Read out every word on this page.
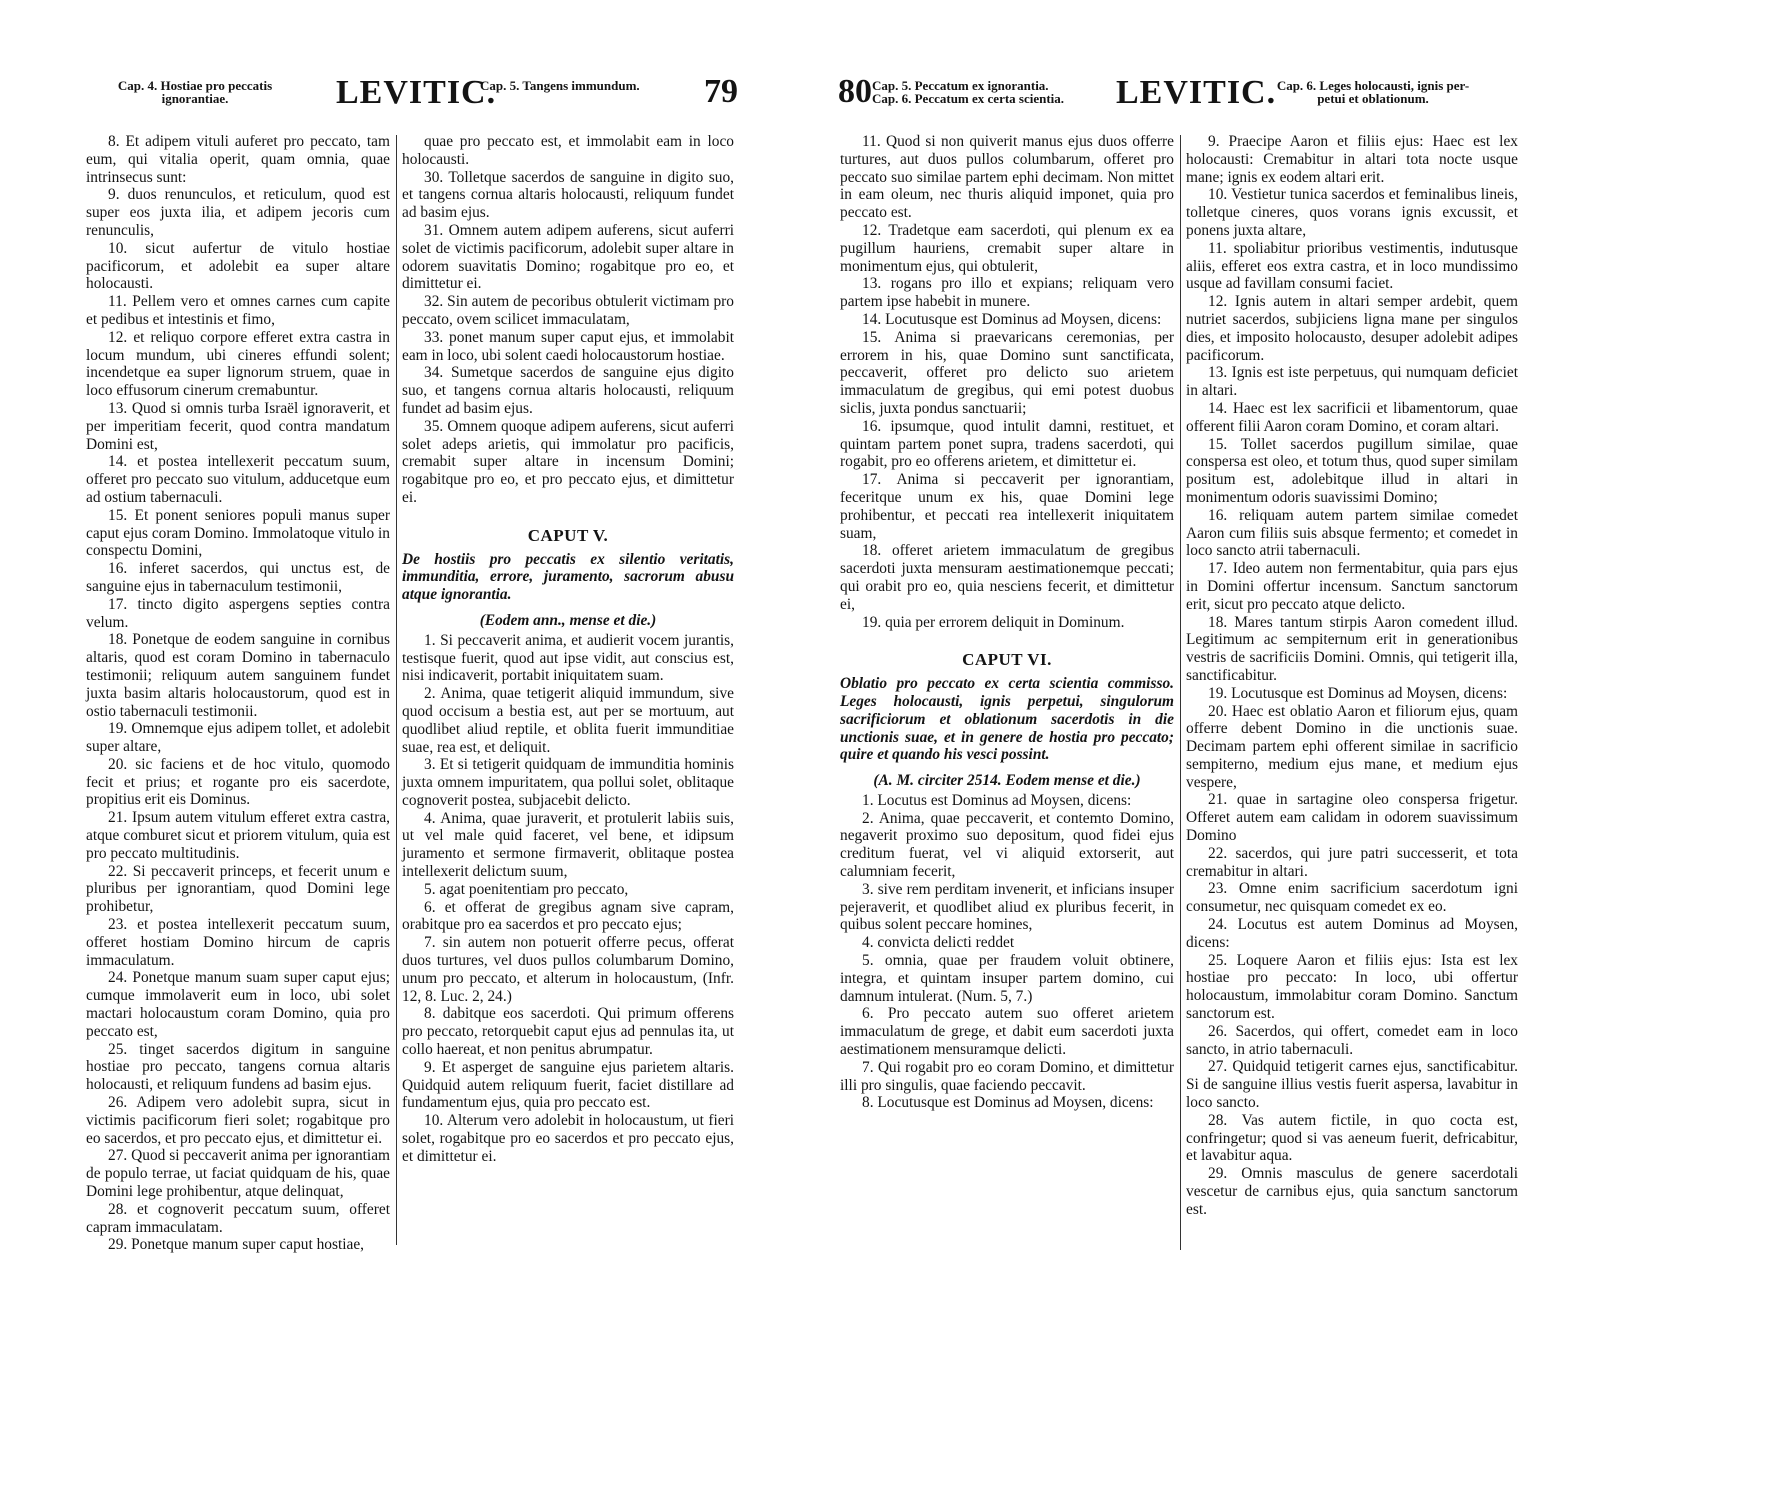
Cap. 4. Hostiae pro peccatis
ignorantiae.	LEVITIC.
Cap. 5. Tangens immundum. 79

8. Et adipem vituli auferet pro peccato, tam eum, qui vitalia operit, quam omnia, quae intrinsecus sunt:

9. duos renunculos, et reticulum, quod est super eos juxta ilia, et adipem jecoris cum renunculis,

10. sicut aufertur de vitulo hostiae pacificorum, et adolebit ea super altare holocausti.

11. Pellem vero et omnes carnes cum capite et pedibus et intestinis et fimo,

12. et reliquo corpore efferet extra castra in locum mundum, ubi cineres effundi solent; incendetque ea super lignorum struem, quae in loco effusorum cinerum cremabuntur.

13. Quod si omnis turba Israël ignoraverit, et per imperitiam fecerit, quod contra mandatum Domini est,

14. et postea intellexerit peccatum suum, offeret pro peccato suo vitulum, adducetque eum ad ostium tabernaculi.

15. Et ponent seniores populi manus super caput ejus coram Domino. Immolatoque vitulo in conspectu Domini,

16. inferet sacerdos, qui unctus est, de sanguine ejus in tabernaculum testimonii,

17. tincto digito aspergens septies contra velum.

18. Ponetque de eodem sanguine in cornibus altaris, quod est coram Domino in tabernaculo testimonii; reliquum autem sanguinem fundet juxta basim altaris holocaustorum, quod est in ostio tabernaculi testimonii.

19. Omnemque ejus adipem tollet, et adolebit super altare,

20. sic faciens et de hoc vitulo, quomodo fecit et prius; et rogante pro eis sacerdote, propitius erit eis Dominus.

21. Ipsum autem vitulum efferet extra castra, atque comburet sicut et priorem vitulum, quia est pro peccato multitudinis.

22. Si peccaverit princeps, et fecerit unum e pluribus per ignorantiam, quod Domini lege prohibetur,

23. et postea intellexerit peccatum suum, offeret hostiam Domino hircum de capris immaculatum.

24. Ponetque manum suam super caput ejus; cumque immolaverit eum in loco, ubi solet mactari holocaustum coram Domino, quia pro peccato est,

25. tinget sacerdos digitum in sanguine hostiae pro peccato, tangens cornua altaris holocausti, et reliquum fundens ad basim ejus.

26. Adipem vero adolebit supra, sicut in victimis pacificorum fieri solet; rogabitque pro eo sacerdos, et pro peccato ejus, et dimittetur ei.

27. Quod si peccaverit anima per ignorantiam de populo terrae, ut faciat quidquam de his, quae Domini lege prohibentur, atque delinquat,

28. et cognoverit peccatum suum, offeret capram immaculatam.

29. Ponetque manum super caput hostiae,

quae pro peccato est, et immolabit eam in loco holocausti.

30. Tolletque sacerdos de sanguine in digito suo, et tangens cornua altaris holocausti, reliquum fundet ad basim ejus.

31. Omnem autem adipem auferens, sicut auferri solet de victimis pacificorum, adolebit super altare in odorem suavitatis Domino; rogabitque pro eo, et dimittetur ei.

32. Sin autem de pecoribus obtulerit victimam pro peccato, ovem scilicet immaculatam,

33. ponet manum super caput ejus, et immolabit eam in loco, ubi solent caedi holocaustorum hostiae.

34. Sumetque sacerdos de sanguine ejus digito suo, et tangens cornua altaris holocausti, reliquum fundet ad basim ejus.

35. Omnem quoque adipem auferens, sicut auferri solet adeps arietis, qui immolatur pro pacificis, cremabit super altare in incensum Domini; rogabitque pro eo, et pro peccato ejus, et dimittetur ei.

CAPUT V.
De hostiis pro peccatis ex silentio veritatis, immunditia, errore, juramento, sacrorum abusu atque ignorantia.
(Eodem ann., mense et die.)

1. Si peccaverit anima, et audierit vocem jurantis, testisque fuerit, quod aut ipse vidit, aut conscius est, nisi indicaverit, portabit iniquitatem suam.

2. Anima, quae tetigerit aliquid immundum, sive quod occisum a bestia est, aut per se mortuum, aut quodlibet aliud reptile, et oblita fuerit immunditiae suae, rea est, et deliquit.

3. Et si tetigerit quidquam de immunditia hominis juxta omnem impuritatem, qua pollui solet, oblitaque cognoverit postea, subjacebit delicto.

4. Anima, quae juraverit, et protulerit labiis suis, ut vel male quid faceret, vel bene, et idipsum juramento et sermone firmaverit, oblitaque postea intellexerit delictum suum,

5. agat poenitentiam pro peccato,

6. et offerat de gregibus agnam sive capram, orabitque pro ea sacerdos et pro peccato ejus;

7. sin autem non potuerit offerre pecus, offerat duos turtures, vel duos pullos columbarum Domino, unum pro peccato, et alterum in holocaustum, (Infr. 12, 8. Luc. 2, 24.)

8. dabitque eos sacerdoti. Qui primum offerens pro peccato, retorquebit caput ejus ad pennulas ita, ut collo haereat, et non penitus abrumpatur.

9. Et asperget de sanguine ejus parietem altaris. Quidquid autem reliquum fuerit, faciet distillare ad fundamentum ejus, quia pro peccato est.

10. Alterum vero adolebit in holocaustum, ut fieri solet, rogabitque pro eo sacerdos et pro peccato ejus, et dimittetur ei.

80 Cap. 5. Peccatum ex ignorantia.
Cap. 6. Peccatum ex certa scientia. LEVITIC. Cap. 6. Leges holocausti, ignis per-
petui et oblationum.

11. Quod si non quiverit manus ejus duos offerre turtures, aut duos pullos columbarum, offeret pro peccato suo similae partem ephi decimam. Non mittet in eam oleum, nec thuris aliquid imponet, quia pro peccato est.

12. Tradetque eam sacerdoti, qui plenum ex ea pugillum hauriens, cremabit super altare in monimentum ejus, qui obtulerit,

13. rogans pro illo et expians; reliquam vero partem ipse habebit in munere.

14. Locutusque est Dominus ad Moysen, dicens:

15. Anima si praevaricans ceremonias, per errorem in his, quae Domino sunt sanctificata, peccaverit, offeret pro delicto suo arietem immaculatum de gregibus, qui emi potest duobus siclis, juxta pondus sanctuarii;

16. ipsumque, quod intulit damni, restituet, et quintam partem ponet supra, tradens sacerdoti, qui rogabit, pro eo offerens arietem, et dimittetur ei.

17. Anima si peccaverit per ignorantiam, feceritque unum ex his, quae Domini lege prohibentur, et peccati rea intellexerit iniquitatem suam,

18. offeret arietem immaculatum de gregibus sacerdoti juxta mensuram aestimationemque peccati; qui orabit pro eo, quia nesciens fecerit, et dimittetur ei,

19. quia per errorem deliquit in Dominum.

CAPUT VI.
Oblatio pro peccato ex certa scientia commisso. Leges holocausti, ignis perpetui, singulorum sacrificiorum et oblationum sacerdotis in die unctionis suae, et in genere de hostia pro peccato; quire et quando his vesci possint.
(A. M. circiter 2514. Eodem mense et die.)

1. Locutus est Dominus ad Moysen, dicens:

2. Anima, quae peccaverit, et contemto Domino, negaverit proximo suo depositum, quod fidei ejus creditum fuerat, vel vi aliquid extorserit, aut calumniam fecerit,

3. sive rem perditam invenerit, et inficians insuper pejeraverit, et quodlibet aliud ex pluribus fecerit, in quibus solent peccare homines,

4. convicta delicti reddet

5. omnia, quae per fraudem voluit obtinere, integra, et quintam insuper partem domino, cui damnum intulerat. (Num. 5, 7.)

6. Pro peccato autem suo offeret arietem immaculatum de grege, et dabit eum sacerdoti juxta aestimationem mensuramque delicti.

7. Qui rogabit pro eo coram Domino, et dimittetur illi pro singulis, quae faciendo peccavit.

8. Locutusque est Dominus ad Moysen, dicens:

9. Praecipe Aaron et filiis ejus: Haec est lex holocausti: Cremabitur in altari tota nocte usque mane; ignis ex eodem altari erit.

10. Vestietur tunica sacerdos et feminalibus lineis, tolletque cineres, quos vorans ignis excussit, et ponens juxta altare,

11. spoliabitur prioribus vestimentis, indutusque aliis, efferet eos extra castra, et in loco mundissimo usque ad favillam consumi faciet.

12. Ignis autem in altari semper ardebit, quem nutriet sacerdos, subjiciens ligna mane per singulos dies, et imposito holocausto, desuper adolebit adipes pacificorum.

13. Ignis est iste perpetuus, qui numquam deficiet in altari.

14. Haec est lex sacrificii et libamentorum, quae offerent filii Aaron coram Domino, et coram altari.

15. Tollet sacerdos pugillum similae, quae conspersa est oleo, et totum thus, quod super similam positum est, adolebitque illud in altari in monimentum odoris suavissimi Domino;

16. reliquam autem partem similae comedet Aaron cum filiis suis absque fermento; et comedet in loco sancto atrii tabernaculi.

17. Ideo autem non fermentabitur, quia pars ejus in Domini offertur incensum. Sanctum sanctorum erit, sicut pro peccato atque delicto.

18. Mares tantum stirpis Aaron comedent illud. Legitimum ac sempiternum erit in generationibus vestris de sacrificiis Domini. Omnis, qui tetigerit illa, sanctificabitur.

19. Locutusque est Dominus ad Moysen, dicens:

20. Haec est oblatio Aaron et filiorum ejus, quam offerre debent Domino in die unctionis suae. Decimam partem ephi offerent similae in sacrificio sempiterno, medium ejus mane, et medium ejus vespere,

21. quae in sartagine oleo conspersa frigetur. Offeret autem eam calidam in odorem suavissimum Domino

22. sacerdos, qui jure patri successerit, et tota cremabitur in altari.

23. Omne enim sacrificium sacerdotum igni consumetur, nec quisquam comedet ex eo.

24. Locutus est autem Dominus ad Moysen, dicens:

25. Loquere Aaron et filiis ejus: Ista est lex hostiae pro peccato: In loco, ubi offertur holocaustum, immolabitur coram Domino. Sanctum sanctorum est.

26. Sacerdos, qui offert, comedet eam in loco sancto, in atrio tabernaculi.

27. Quidquid tetigerit carnes ejus, sanctificabitur. Si de sanguine illius vestis fuerit aspersa, lavabitur in loco sancto.

28. Vas autem fictile, in quo cocta est, confringetur; quod si vas aeneum fuerit, defricabitur, et lavabitur aqua.

29. Omnis masculus de genere sacerdotali vescetur de carnibus ejus, quia sanctum sanctorum est.
